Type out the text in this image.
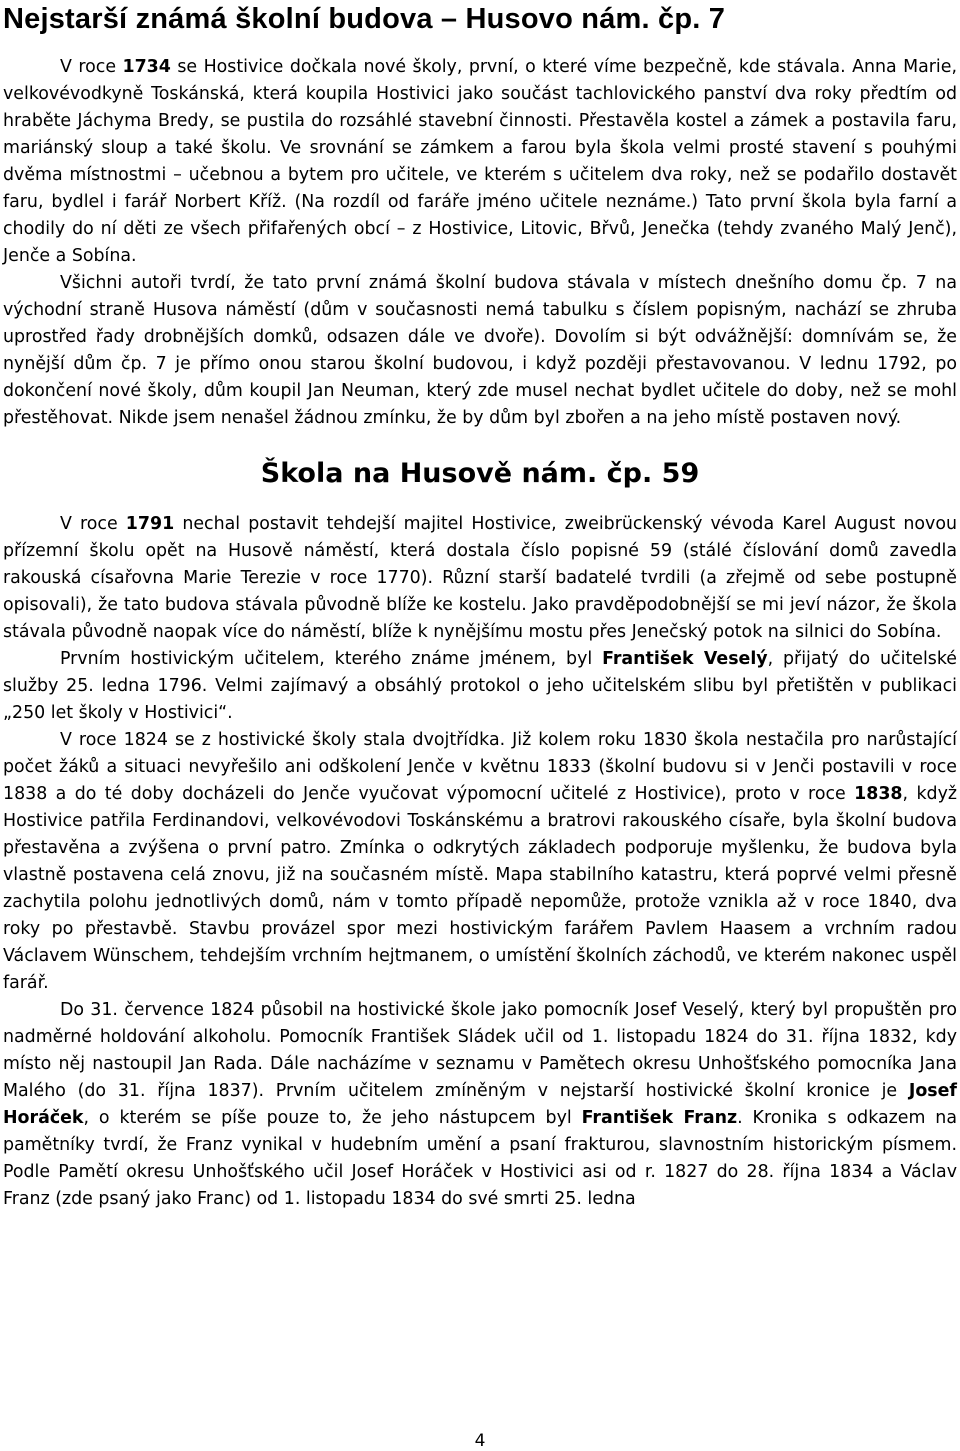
Nejstarší známá školní budova – Husovo nám. čp. 7

V roce 1734 se Hostivice dočkala nové školy, první, o které víme bezpečně, kde stávala. Anna Marie, velkovévodkyně Toskánská, která koupila Hostivici jako součást tachlovického panství dva roky předtím od hraběte Jáchyma Bredy, se pustila do rozsáhlé stavební činnosti. Přestavěla kostel a zámek a postavila faru, mariánský sloup a také školu. Ve srovnání se zámkem a farou byla škola velmi prosté stavení s pouhými dvěma místnostmi – učebnou a bytem pro učitele, ve kterém s učitelem dva roky, než se podařilo dostavět faru, bydlel i farář Norbert Kříž. (Na rozdíl od faráře jméno učitele neznáme.) Tato první škola byla farní a chodily do ní děti ze všech přifařených obcí – z Hostivice, Litovic, Břvů, Jenečka (tehdy zvaného Malý Jenč), Jenče a Sobína.

Všichni autoři tvrdí, že tato první známá školní budova stávala v místech dnešního domu čp. 7 na východní straně Husova náměstí (dům v současnosti nemá tabulku s číslem popisným, nachází se zhruba uprostřed řady drobnějších domků, odsazen dále ve dvoře). Dovolím si být odvážnější: domnívám se, že nynější dům čp. 7 je přímo onou starou školní budovou, i když později přestavovanou. V lednu 1792, po dokončení nové školy, dům koupil Jan Neuman, který zde musel nechat bydlet učitele do doby, než se mohl přestěhovat. Nikde jsem nenašel žádnou zmínku, že by dům byl zbořen a na jeho místě postaven nový.

Škola na Husově nám. čp. 59

V roce 1791 nechal postavit tehdejší majitel Hostivice, zweibrückenský vévoda Karel August novou přízemní školu opět na Husově náměstí, která dostala číslo popisné 59 (stálé číslování domů zavedla rakouská císařovna Marie Terezie v roce 1770). Různí starší badatelé tvrdili (a zřejmě od sebe postupně opisovali), že tato budova stávala původně blíže ke kostelu. Jako pravděpodobnější se mi jeví názor, že škola stávala původně naopak více do náměstí, blíže k nynějšímu mostu přes Jenečský potok na silnici do Sobína.

Prvním hostivickým učitelem, kterého známe jménem, byl František Veselý, přijatý do učitelské služby 25. ledna 1796. Velmi zajímavý a obsáhlý protokol o jeho učitelském slibu byl přetištěn v publikaci „250 let školy v Hostivici“.

V roce 1824 se z hostivické školy stala dvojtřídka. Již kolem roku 1830 škola nestačila pro narůstající počet žáků a situaci nevyřešilo ani odškolení Jenče v květnu 1833 (školní budovu si v Jenči postavili v roce 1838 a do té doby docházeli do Jenče vyučovat výpomocní učitelé z Hostivice), proto v roce 1838, když Hostivice patřila Ferdinandovi, velkovévodovi Toskánskému a bratrovi rakouského císaře, byla školní budova přestavěna a zvýšena o první patro. Zmínka o odkrytých základech podporuje myšlenku, že budova byla vlastně postavena celá znovu, již na současném místě. Mapa stabilního katastru, která poprvé velmi přesně zachytila polohu jednotlivých domů, nám v tomto případě nepomůže, protože vznikla až v roce 1840, dva roky po přestavbě. Stavbu provázel spor mezi hostivickým farářem Pavlem Haasem a vrchním radou Václavem Wünschem, tehdejším vrchním hejtmanem, o umístění školních záchodů, ve kterém nakonec uspěl farář.

Do 31. července 1824 působil na hostivické škole jako pomocník Josef Veselý, který byl propuštěn pro nadměrné holdování alkoholu. Pomocník František Sládek učil od 1. listopadu 1824 do 31. října 1832, kdy místo něj nastoupil Jan Rada. Dále nacházíme v seznamu v Pamětech okresu Unhošťského pomocníka Jana Malého (do 31. října 1837). Prvním učitelem zmíněným v nejstarší hostivické školní kronice je Josef Horáček, o kterém se píše pouze to, že jeho nástupcem byl František Franz. Kronika s odkazem na pamětníky tvrdí, že Franz vynikal v hudebním umění a psaní frakturou, slavnostním historickým písmem. Podle Pamětí okresu Unhošťského učil Josef Horáček v Hostivici asi od r. 1827 do 28. října 1834 a Václav Franz (zde psaný jako Franc) od 1. listopadu 1834 do své smrti 25. ledna

4
